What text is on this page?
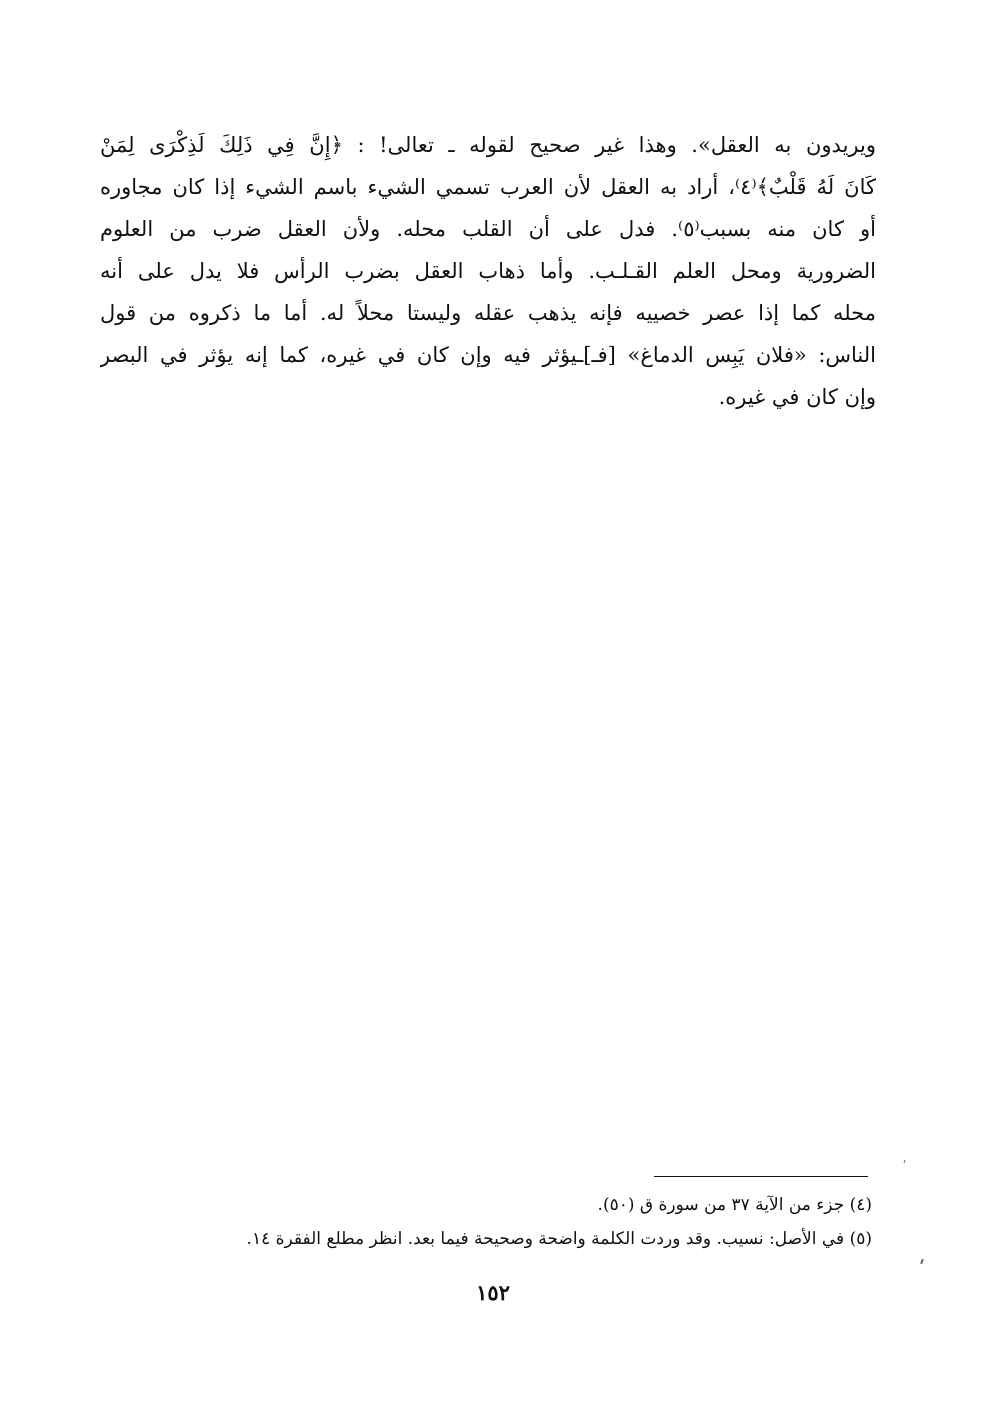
ويريدون به العقل». وهذا غير صحيح لقوله ـ تعالى! : ﴿إِنَّ فِي ذَلِكَ لَذِكْرَى لِمَنْ
كَانَ لَهُ قَلْبٌ﴾⁽٤⁾، أراد به العقل لأن العرب تسمي الشيء باسم الشيء إذا كان مجاوره
أو كان منه بسبب⁽٥⁾. فدل على أن القلب محله. ولأن العقل ضرب من العلوم
الضرورية ومحل العلم القـلـب. وأما ذهاب العقل بضرب الرأس فلا يدل على أنه
محله كما إذا عصر خصييه فإنه يذهب عقله وليستا محلاً له. أما ما ذكروه من قول
الناس: «فلان يَبِس الدماغ» [فـ]ـيؤثر فيه وإن كان في غيره، كما إنه يؤثر في البصر
وإن كان في غيره.
(٤) جزء من الآية ٣٧ من سورة ق (٥٠).
(٥) في الأصل: نسيب. وقد وردت الكلمة واضحة وصحيحة فيما بعد. انظر مطلع الفقرة ١٤.
١٥٢
